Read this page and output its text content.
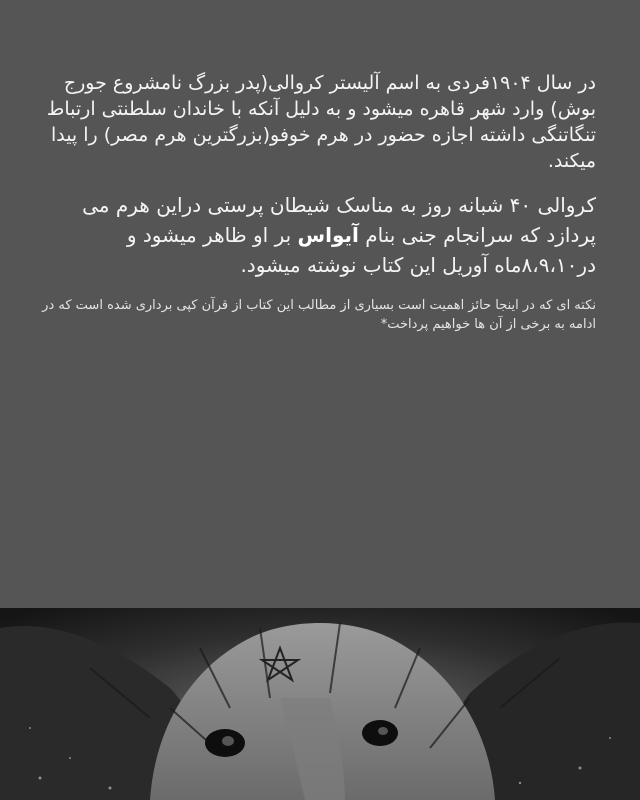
در سال ۱۹۰۴فردی به اسم آلیستر کروالی(پدر بزرگ نامشروع جورج بوش) وارد شهر قاهره میشود و به دلیل آنکه با خاندان سلطنتی ارتباط تنگاتنگی داشته اجازه حضور در هرم خوفو(بزرگترین هرم مصر) را پیدا میکند.

کروالی ۴۰ شبانه روز به مناسک شیطان پرستی دراین هرم می پردازد که سرانجام جنی بنام آیواس بر او ظاهر میشود و در۸،۹،۱۰ماه آوریل این کتاب نوشته میشود.

نکته ای که در اینجا حائز اهمیت است بسیاری از مطالب این کتاب از قرآن کپی برداری شده است که در ادامه به برخی از آن ها خواهیم پرداخت*
